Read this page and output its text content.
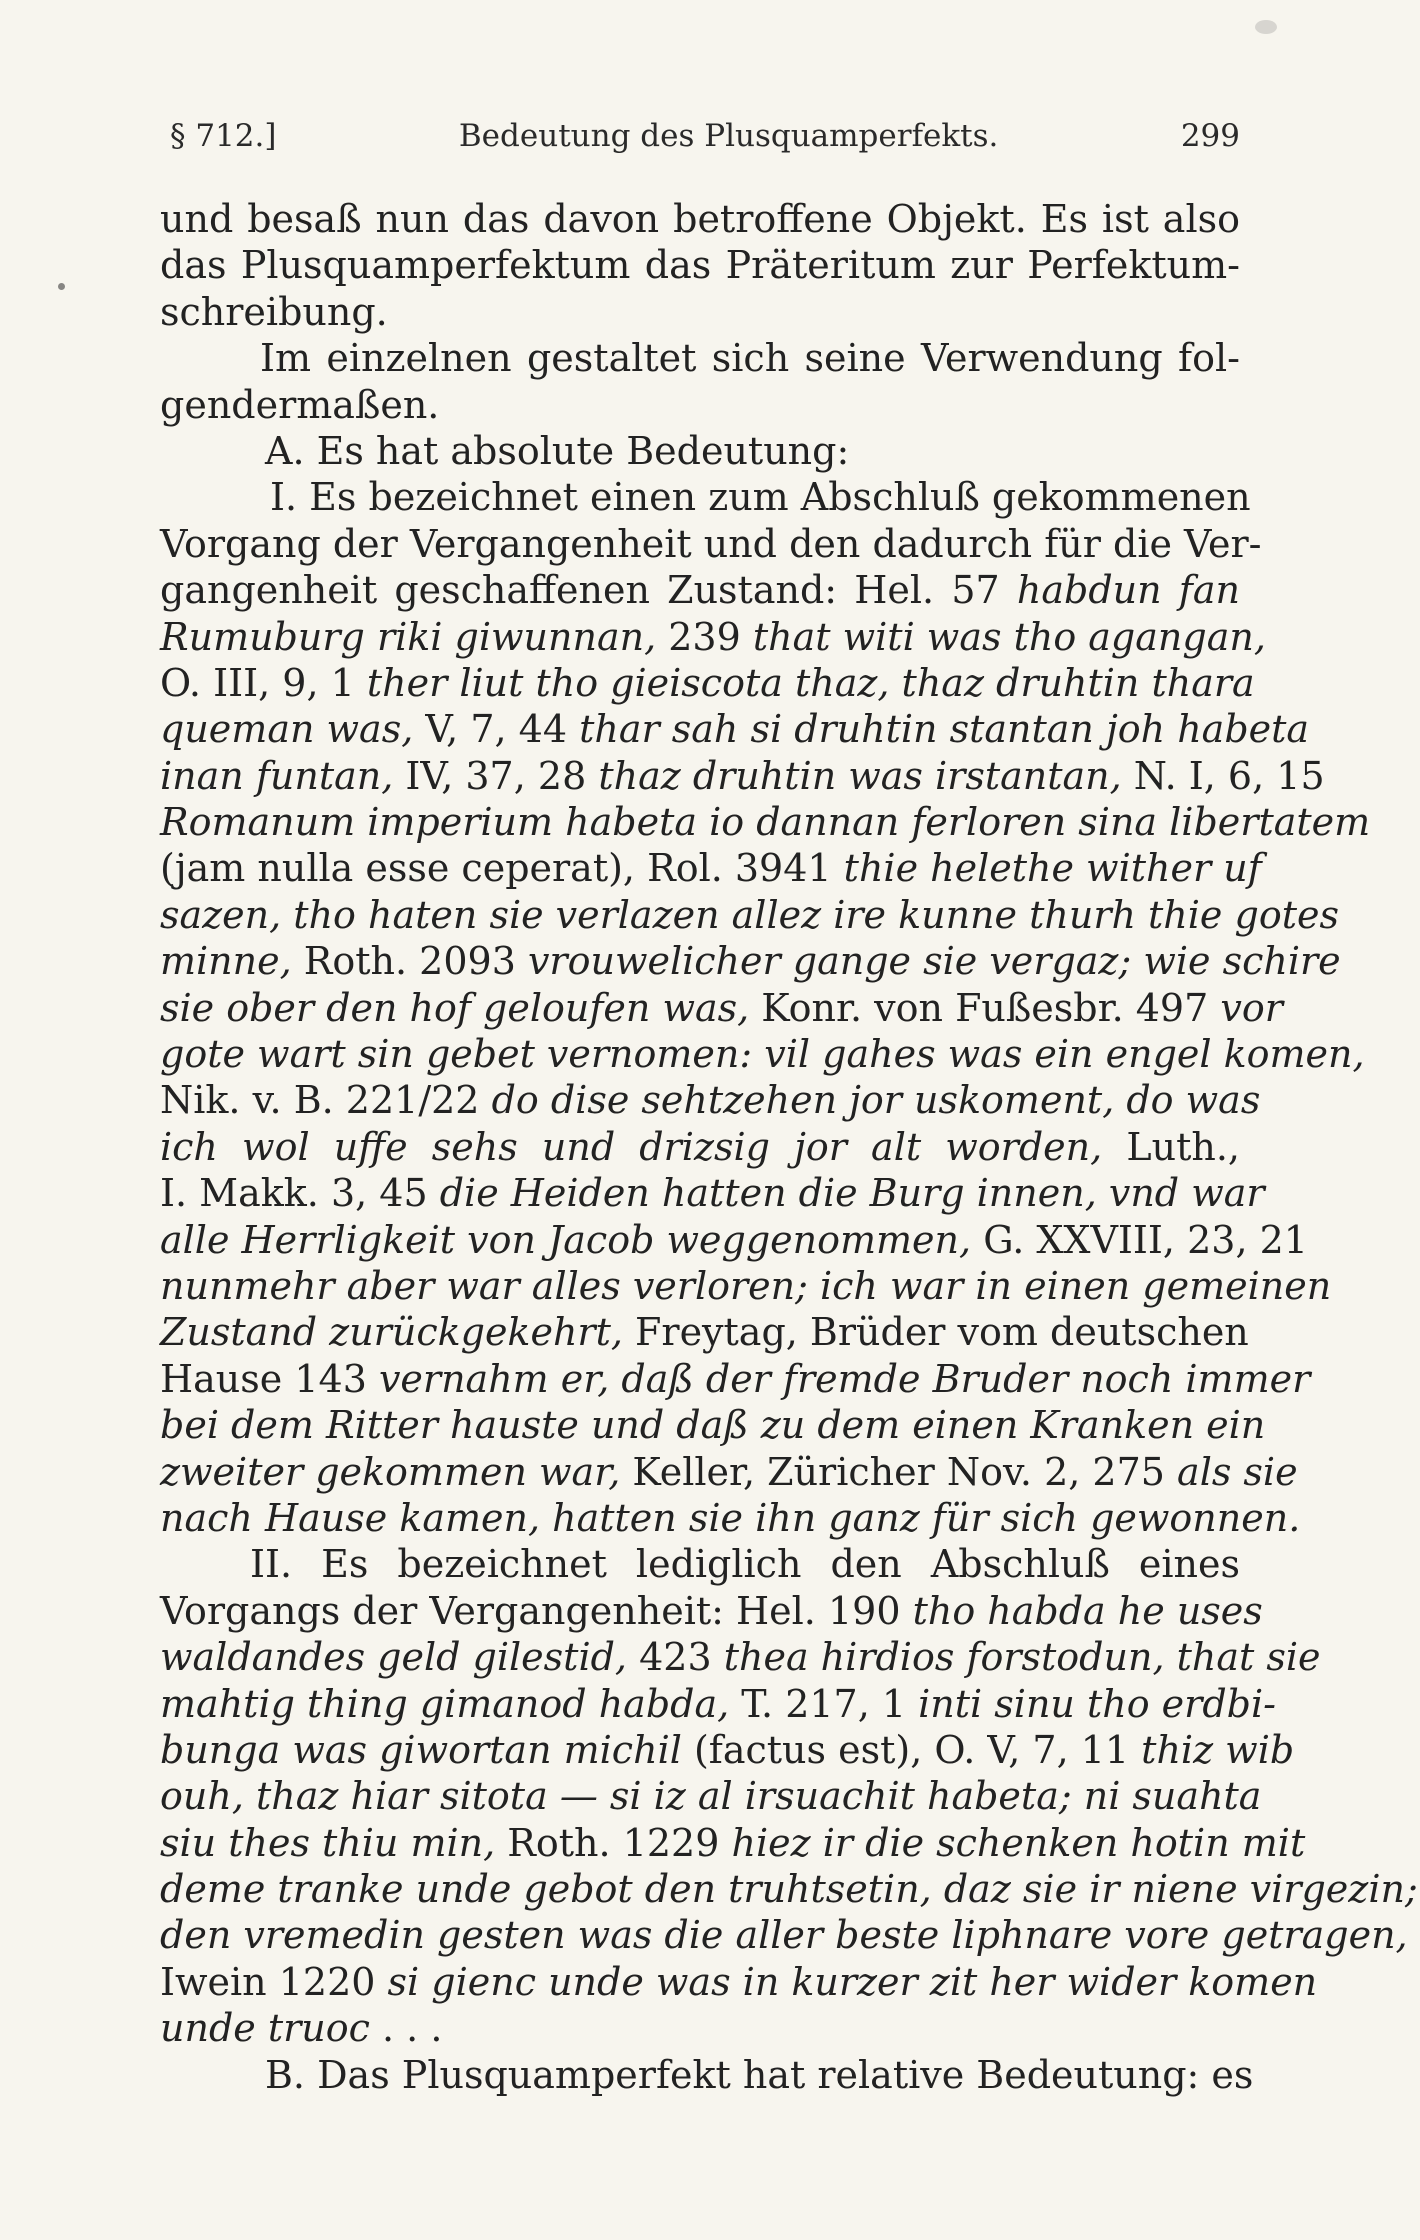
§ 712.]	Bedeutung des Plusquamperfekts.	299
und besaß nun das davon betroffene Objekt. Es ist also
das Plusquamperfektum das Präteritum zur Perfektum-
schreibung.
Im einzelnen gestaltet sich seine Verwendung fol-
gendermaßen.
A. Es hat absolute Bedeutung:
I. Es bezeichnet einen zum Abschluß gekommenen
Vorgang der Vergangenheit und den dadurch für die Ver-
gangenheit geschaffenen Zustand: Hel. 57 habdun fan
Rumuburg riki giwunnan, 239 that witi was tho agangan,
O. III, 9, 1 ther liut tho gieiscota thaz, thaz druhtin thara
queman was, V, 7, 44 thar sah si druhtin stantan joh habeta
inan funtan, IV, 37, 28 thaz druhtin was irstantan, N. I, 6, 15
Romanum imperium habeta io dannan ferloren sina libertatem
(jam nulla esse ceperat), Rol. 3941 thie helethe wither uf
sazen, tho haten sie verlazen allez ire kunne thurh thie gotes
minne, Roth. 2093 vrouwelicher gange sie vergaz; wie schire
sie ober den hof geloufen was, Konr. von Fußesbr. 497 vor
gote wart sin gebet vernomen: vil gahes was ein engel komen,
Nik. v. B. 221/22 do dise sehtzehen jor uskoment, do was
ich wol uffe sehs und drizsig jor alt worden, Luth.,
I. Makk. 3, 45 die Heiden hatten die Burg innen, vnd war
alle Herrligkeit von Jacob weggenommen, G. XXVIII, 23, 21
nunmehr aber war alles verloren; ich war in einen gemeinen
Zustand zurückgekehrt, Freytag, Brüder vom deutschen
Hause 143 vernahm er, daß der fremde Bruder noch immer
bei dem Ritter hauste und daß zu dem einen Kranken ein
zweiter gekommen war, Keller, Züricher Nov. 2, 275 als sie
nach Hause kamen, hatten sie ihn ganz für sich gewonnen.
II. Es bezeichnet lediglich den Abschluß eines
Vorgangs der Vergangenheit: Hel. 190 tho habda he uses
waldandes geld gilestid, 423 thea hirdios forstodun, that sie
mahtig thing gimanod habda, T. 217, 1 inti sinu tho erdbi-
bunga was giwortan michil (factus est), O. V, 7, 11 thiz wib
ouh, thaz hiar sitota — si iz al irsuachit habeta; ni suahta
siu thes thiu min, Roth. 1229 hiez ir die schenken hotin mit
deme tranke unde gebot den truhtsetin, daz sie ir niene virgezin;
den vremedin gesten was die aller beste liphnare vore getragen,
Iwein 1220 si gienc unde was in kurzer zit her wider komen
unde truoc . . .
B. Das Plusquamperfekt hat relative Bedeutung: es
